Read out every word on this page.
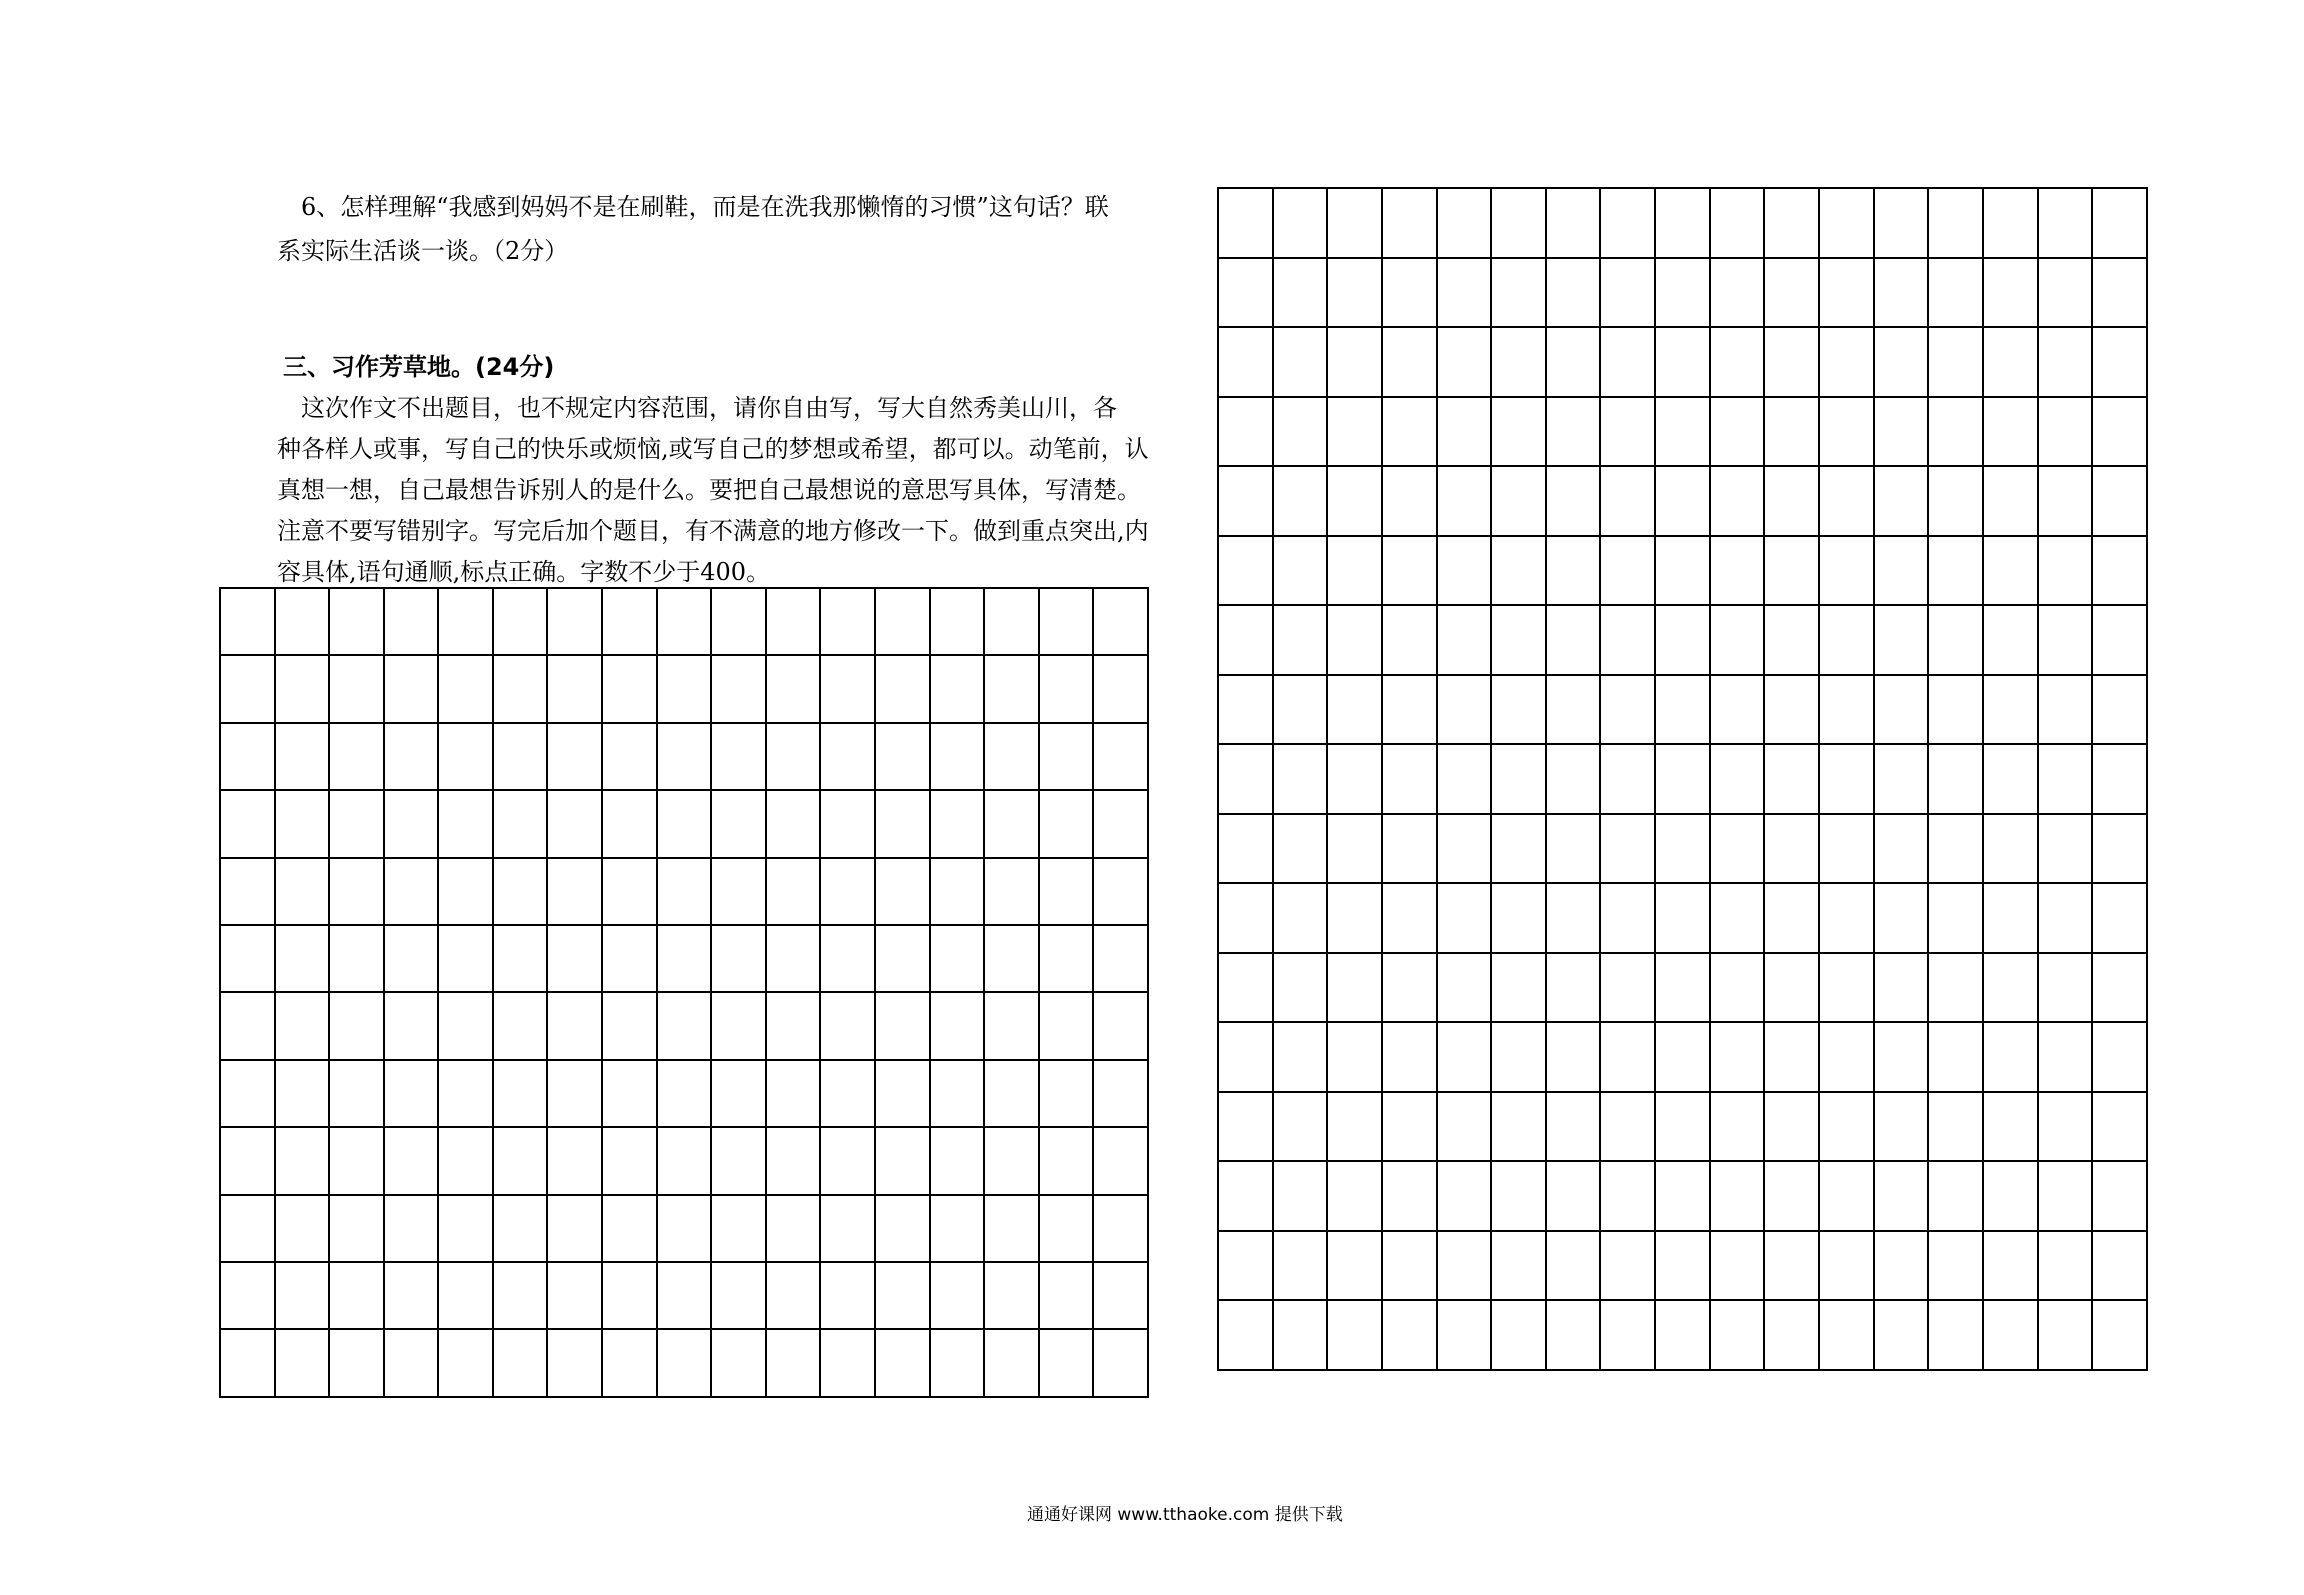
　6、怎样理解“我感到妈妈不是在刷鞋，而是在洗我那懒惰的习惯”这句话？联
系实际生活谈一谈。（2分）
三、习作芳草地。(24分)
　这次作文不出题目，也不规定内容范围，请你自由写，写大自然秀美山川，各
种各样人或事，写自己的快乐或烦恼,或写自己的梦想或希望，都可以。动笔前，认
真想一想，自己最想告诉别人的是什么。要把自己最想说的意思写具体，写清楚。
注意不要写错别字。写完后加个题目，有不满意的地方修改一下。做到重点突出,内
容具体,语句通顺,标点正确。字数不少于400。

通通好课网 www.tthaoke.com 提供下载
